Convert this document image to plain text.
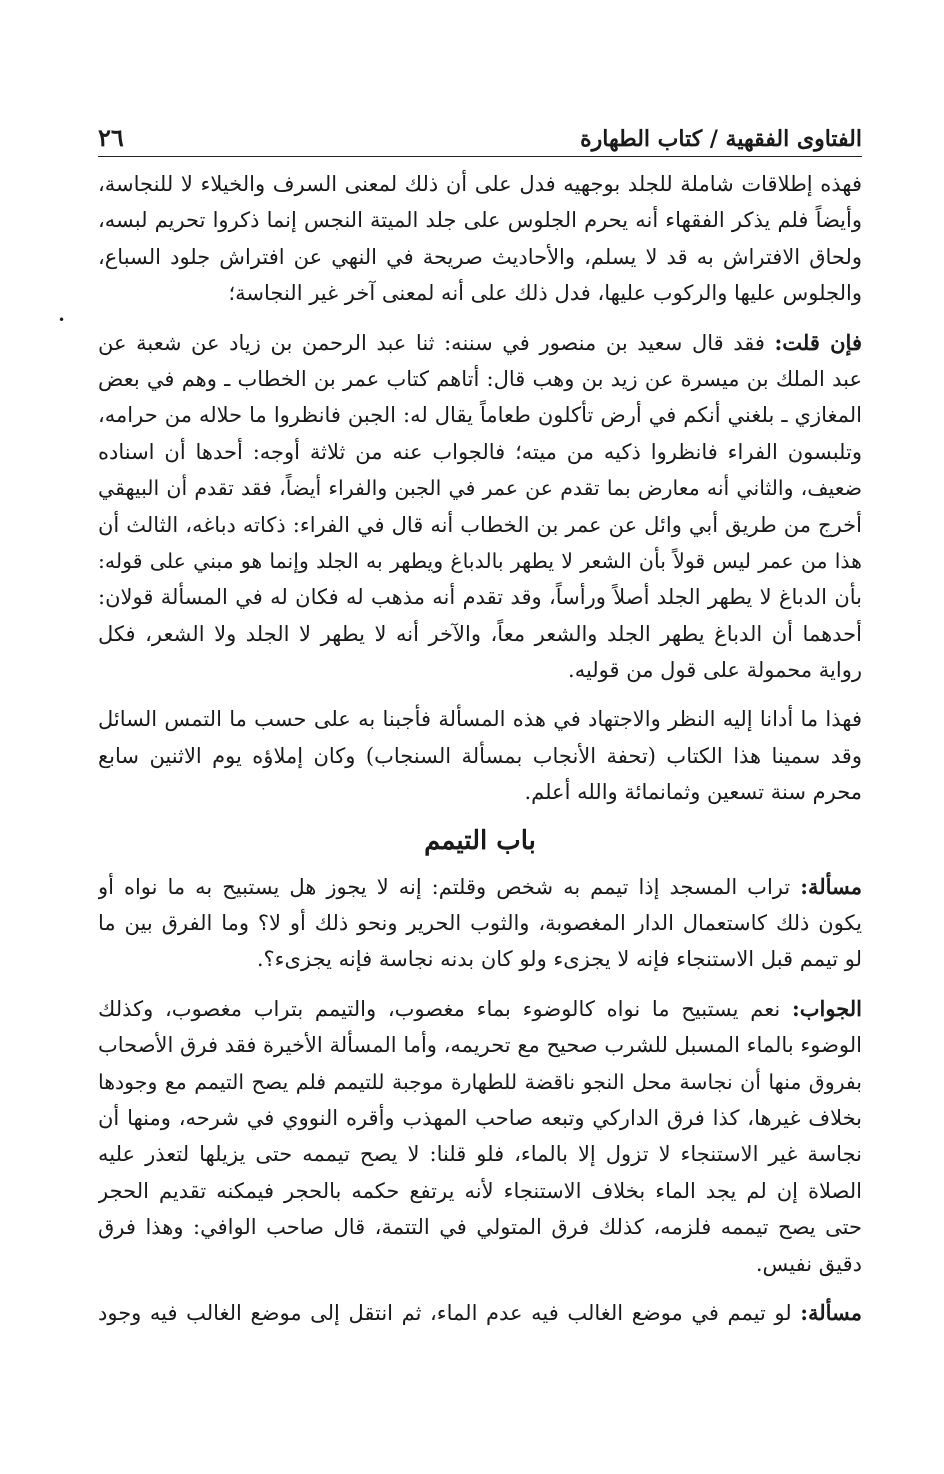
٢٦	الفتاوى الفقهية / كتاب الطهارة
•
فهذه إطلاقات شاملة للجلد بوجهيه فدل على أن ذلك لمعنى السرف والخيلاء لا للنجاسة،
وأيضاً فلم يذكر الفقهاء أنه يحرم الجلوس على جلد الميتة النجس إنما ذكروا تحريم لبسه،
ولحاق الافتراش به قد لا يسلم، والأحاديث صريحة في النهي عن افتراش جلود السباع،
والجلوس عليها والركوب عليها، فدل ذلك على أنه لمعنى آخر غير النجاسة؛
فإن قلت: فقد قال سعيد بن منصور في سننه: ثنا عبد الرحمن بن زياد عن شعبة عن
عبد الملك بن ميسرة عن زيد بن وهب قال: أتاهم كتاب عمر بن الخطاب ـ وهم في بعض
المغازي ـ بلغني أنكم في أرض تأكلون طعاماً يقال له: الجبن فانظروا ما حلاله من حرامه،
وتلبسون الفراء فانظروا ذكيه من ميته؛ فالجواب عنه من ثلاثة أوجه: أحدها أن اسناده
ضعيف، والثاني أنه معارض بما تقدم عن عمر في الجبن والفراء أيضاً، فقد تقدم أن البيهقي
أخرج من طريق أبي وائل عن عمر بن الخطاب أنه قال في الفراء: ذكاته دباغه، الثالث أن
هذا من عمر ليس قولاً بأن الشعر لا يطهر بالدباغ ويطهر به الجلد وإنما هو مبني على قوله:
بأن الدباغ لا يطهر الجلد أصلاً ورأساً، وقد تقدم أنه مذهب له فكان له في المسألة قولان:
أحدهما أن الدباغ يطهر الجلد والشعر معاً، والآخر أنه لا يطهر لا الجلد ولا الشعر، فكل
رواية محمولة على قول من قوليه.
فهذا ما أدانا إليه النظر والاجتهاد في هذه المسألة فأجبنا به على حسب ما التمس السائل
وقد سمينا هذا الكتاب (تحفة الأنجاب بمسألة السنجاب) وكان إملاؤه يوم الاثنين سابع
محرم سنة تسعين وثمانمائة والله أعلم.
باب التيمم
مسألة: تراب المسجد إذا تيمم به شخص وقلتم: إنه لا يجوز هل يستبيح به ما نواه أو
يكون ذلك كاستعمال الدار المغصوبة، والثوب الحرير ونحو ذلك أو لا؟ وما الفرق بين ما
لو تيمم قبل الاستنجاء فإنه لا يجزىء ولو كان بدنه نجاسة فإنه يجزىء؟.
الجواب: نعم يستبيح ما نواه كالوضوء بماء مغصوب، والتيمم بتراب مغصوب، وكذلك
الوضوء بالماء المسبل للشرب صحيح مع تحريمه، وأما المسألة الأخيرة فقد فرق الأصحاب
بفروق منها أن نجاسة محل النجو ناقضة للطهارة موجبة للتيمم فلم يصح التيمم مع وجودها
بخلاف غيرها، كذا فرق الداركي وتبعه صاحب المهذب وأقره النووي في شرحه، ومنها أن
نجاسة غير الاستنجاء لا تزول إلا بالماء، فلو قلنا: لا يصح تيممه حتى يزيلها لتعذر عليه
الصلاة إن لم يجد الماء بخلاف الاستنجاء لأنه يرتفع حكمه بالحجر فيمكنه تقديم الحجر
حتى يصح تيممه فلزمه، كذلك فرق المتولي في التتمة، قال صاحب الوافي: وهذا فرق
دقيق نفيس.
مسألة: لو تيمم في موضع الغالب فيه عدم الماء، ثم انتقل إلى موضع الغالب فيه وجود
